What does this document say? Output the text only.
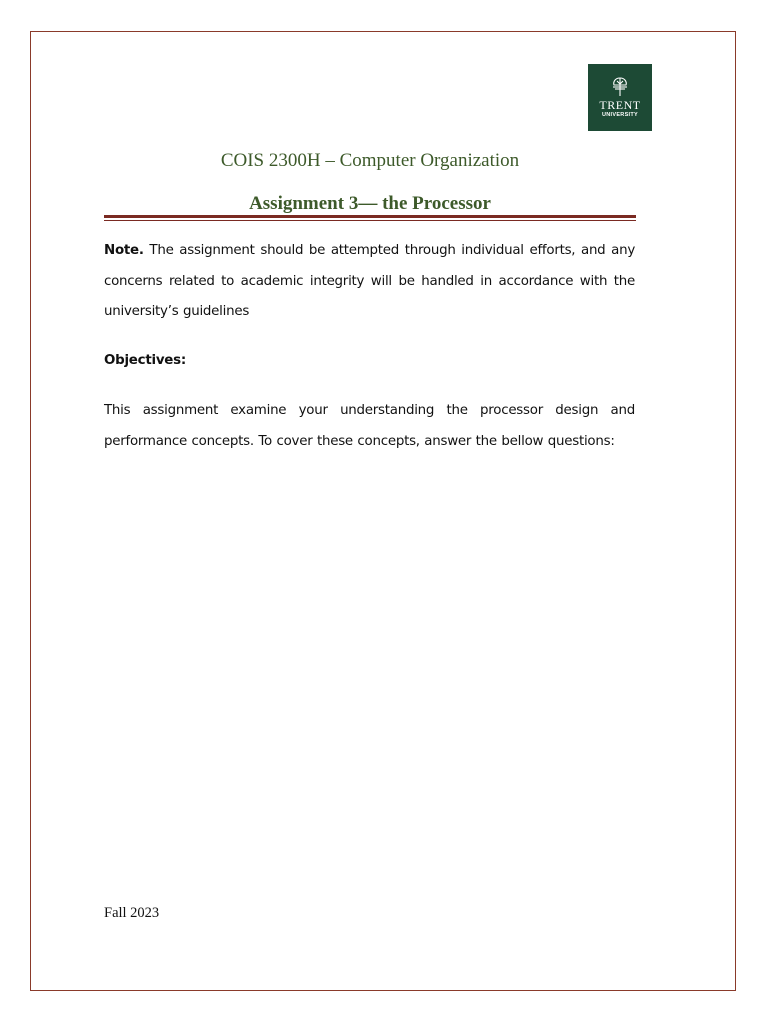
TRENT
UNIVERSITY
COIS 2300H – Computer Organization
Assignment 3— the Processor
Note. The assignment should be attempted through individual efforts, and any concerns related to academic integrity will be handled in accordance with the university’s guidelines
Objectives:
This assignment examine your understanding the processor design and performance concepts. To cover these concepts, answer the bellow questions:
Fall 2023
